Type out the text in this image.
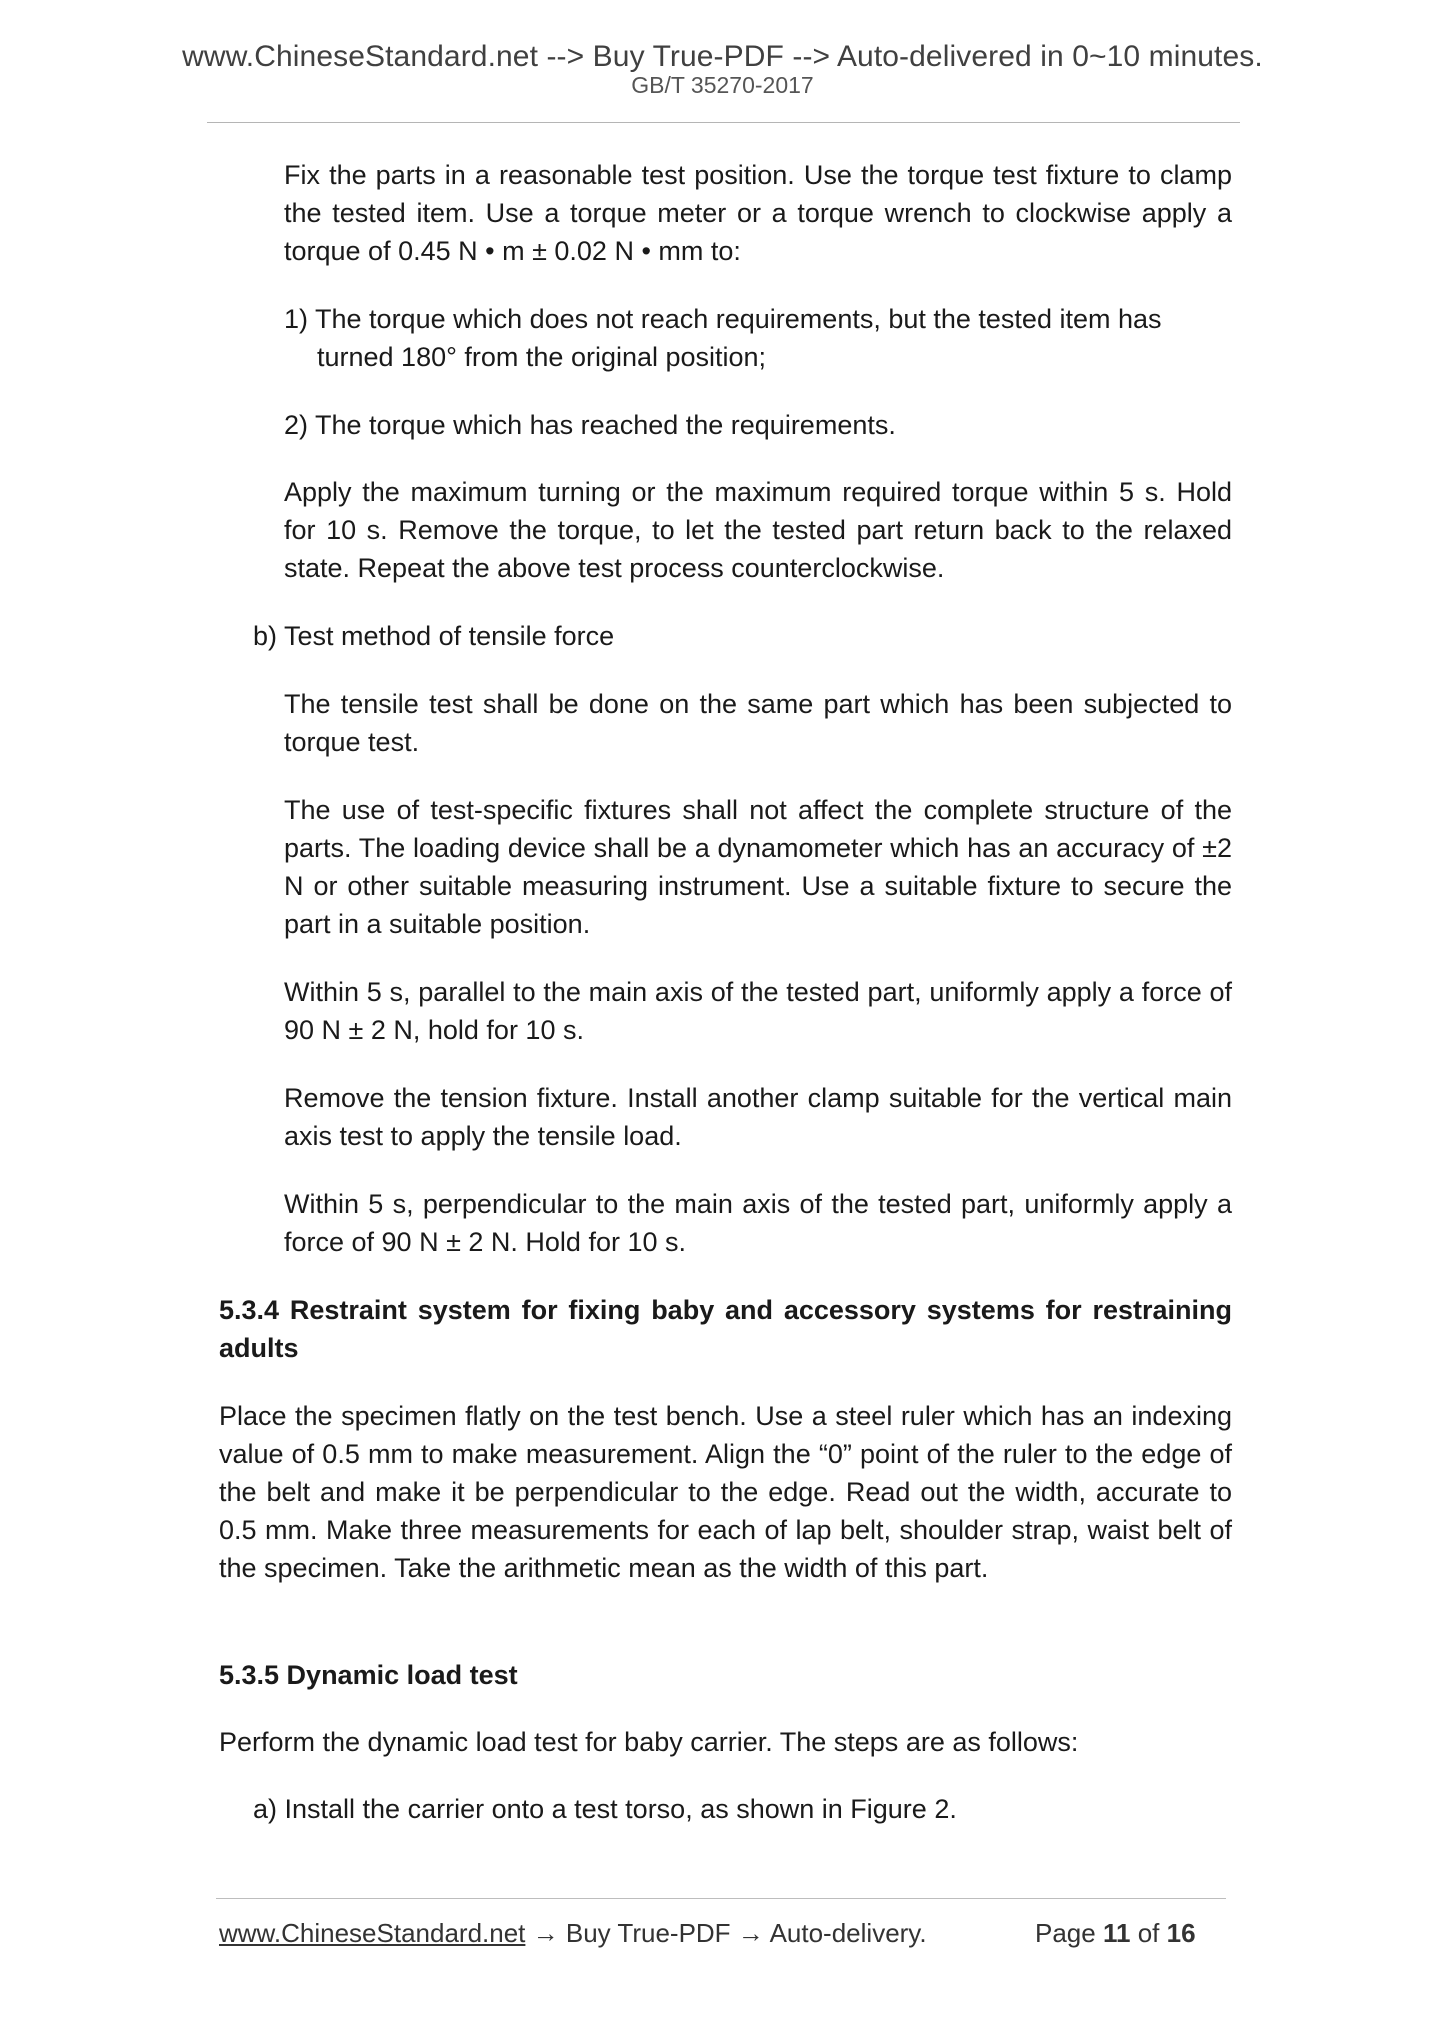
www.ChineseStandard.net --> Buy True-PDF --> Auto-delivered in 0~10 minutes.
GB/T 35270-2017

Fix the parts in a reasonable test position. Use the torque test fixture to clamp the tested item. Use a torque meter or a torque wrench to clockwise apply a torque of 0.45 N • m ± 0.02 N • mm to:

1) The torque which does not reach requirements, but the tested item has turned 180° from the original position;

2) The torque which has reached the requirements.

Apply the maximum turning or the maximum required torque within 5 s. Hold for 10 s. Remove the torque, to let the tested part return back to the relaxed state. Repeat the above test process counterclockwise.

b) Test method of tensile force

The tensile test shall be done on the same part which has been subjected to torque test.

The use of test-specific fixtures shall not affect the complete structure of the parts. The loading device shall be a dynamometer which has an accuracy of ±2 N or other suitable measuring instrument. Use a suitable fixture to secure the part in a suitable position.

Within 5 s, parallel to the main axis of the tested part, uniformly apply a force of 90 N ± 2 N, hold for 10 s.

Remove the tension fixture. Install another clamp suitable for the vertical main axis test to apply the tensile load.

Within 5 s, perpendicular to the main axis of the tested part, uniformly apply a force of 90 N ± 2 N. Hold for 10 s.

5.3.4 Restraint system for fixing baby and accessory systems for restraining adults

Place the specimen flatly on the test bench. Use a steel ruler which has an indexing value of 0.5 mm to make measurement. Align the “0” point of the ruler to the edge of the belt and make it be perpendicular to the edge. Read out the width, accurate to 0.5 mm. Make three measurements for each of lap belt, shoulder strap, waist belt of the specimen. Take the arithmetic mean as the width of this part.

5.3.5 Dynamic load test

Perform the dynamic load test for baby carrier. The steps are as follows:

a) Install the carrier onto a test torso, as shown in Figure 2.

www.ChineseStandard.net → Buy True-PDF → Auto-delivery.	Page 11 of 16
